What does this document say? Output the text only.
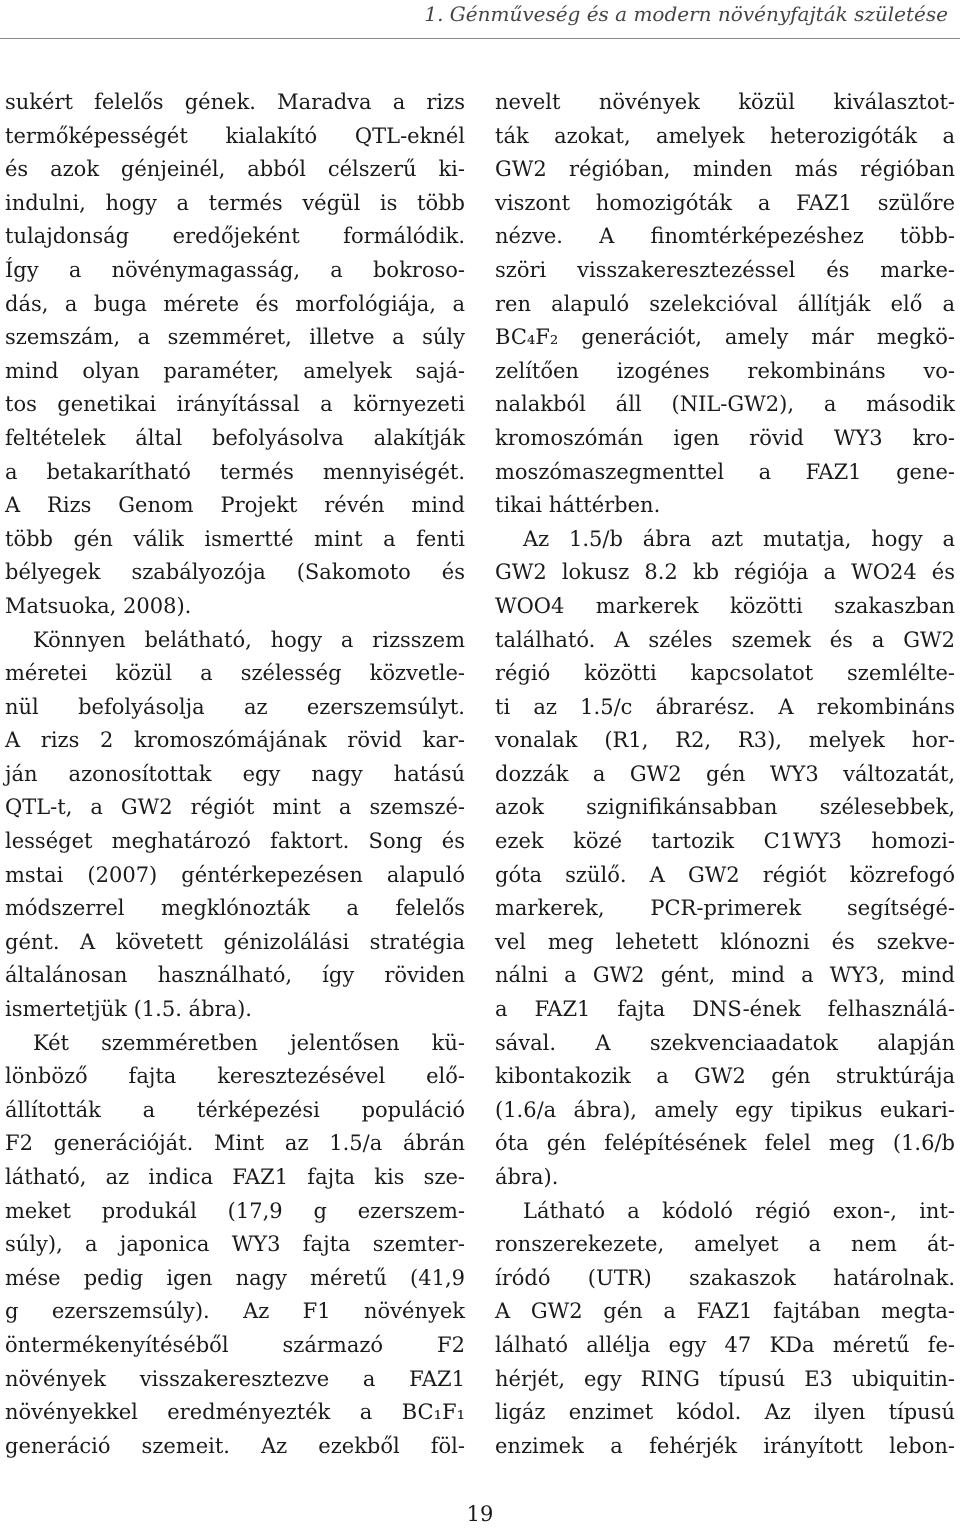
1. Génműveség és a modern növényfajták születése
sukért felelős gének. Maradva a rizs
termőképességét kialakító QTL-eknél
és azok génjeinél, abból célszerű ki-
indulni, hogy a termés végül is több
tulajdonság eredőjeként formálódik.
Így a növénymagasság, a bokroso-
dás, a buga mérete és morfológiája, a
szemszám, a szemméret, illetve a súly
mind olyan paraméter, amelyek sajá-
tos genetikai irányítással a környezeti
feltételek által befolyásolva alakítják
a betakarítható termés mennyiségét.
A Rizs Genom Projekt révén mind
több gén válik ismertté mint a fenti
bélyegek szabályozója (Sakomoto és
Matsuoka, 2008).
Könnyen belátható, hogy a rizsszem
méretei közül a szélesség közvetle-
nül befolyásolja az ezerszemsúlyt.
A rizs 2 kromoszómájának rövid kar-
ján azonosítottak egy nagy hatású
QTL-t, a GW2 régiót mint a szemszé-
lességet meghatározó faktort. Song és
mstai (2007) géntérkepezésen alapuló
módszerrel megklónozták a felelős
gént. A követett génizolálási stratégia
általánosan használható, így röviden
ismertetjük (1.5. ábra).
Két szemméretben jelentősen kü-
lönböző fajta keresztezésével elő-
állították a térképezési populáció
F2 generációját. Mint az 1.5/a ábrán
látható, az indica FAZ1 fajta kis sze-
meket produkál (17,9 g ezerszem-
súly), a japonica WY3 fajta szemter-
mése pedig igen nagy méretű (41,9
g ezerszemsúly). Az F1 növények
öntermékenyítéséből származó F2
növények visszakeresztezve a FAZ1
növényekkel eredményezték a BC₁F₁
generáció szemeit. Az ezekből föl-
nevelt növények közül kiválasztot-
ták azokat, amelyek heterozigóták a
GW2 régióban, minden más régióban
viszont homozigóták a FAZ1 szülőre
nézve. A finomtérképezéshez több-
szöri visszakeresztezéssel és marke-
ren alapuló szelekcióval állítják elő a
BC₄F₂ generációt, amely már megkö-
zelítően izogénes rekombináns vo-
nalakból áll (NIL-GW2), a második
kromoszómán igen rövid WY3 kro-
moszómaszegmenttel a FAZ1 gene-
tikai háttérben.
Az 1.5/b ábra azt mutatja, hogy a
GW2 lokusz 8.2 kb régiója a WO24 és
WOO4 markerek közötti szakaszban
található. A széles szemek és a GW2
régió közötti kapcsolatot szemlélte-
ti az 1.5/c ábrarész. A rekombináns
vonalak (R1, R2, R3), melyek hor-
dozzák a GW2 gén WY3 változatát,
azok szignifikánsabban szélesebbek,
ezek közé tartozik C1WY3 homozi-
góta szülő. A GW2 régiót közrefogó
markerek, PCR-primerek segítségé-
vel meg lehetett klónozni és szekve-
nálni a GW2 gént, mind a WY3, mind
a FAZ1 fajta DNS-ének felhasználá-
sával. A szekvenciaadatok alapján
kibontakozik a GW2 gén struktúrája
(1.6/a ábra), amely egy tipikus eukari-
óta gén felépítésének felel meg (1.6/b
ábra).
Látható a kódoló régió exon-, int-
ronszerekezete, amelyet a nem át-
íródó (UTR) szakaszok határolnak.
A GW2 gén a FAZ1 fajtában megta-
lálható allélja egy 47 KDa méretű fe-
hérjét, egy RING típusú E3 ubiquitin-
ligáz enzimet kódol. Az ilyen típusú
enzimek a fehérjék irányított lebon-
19
